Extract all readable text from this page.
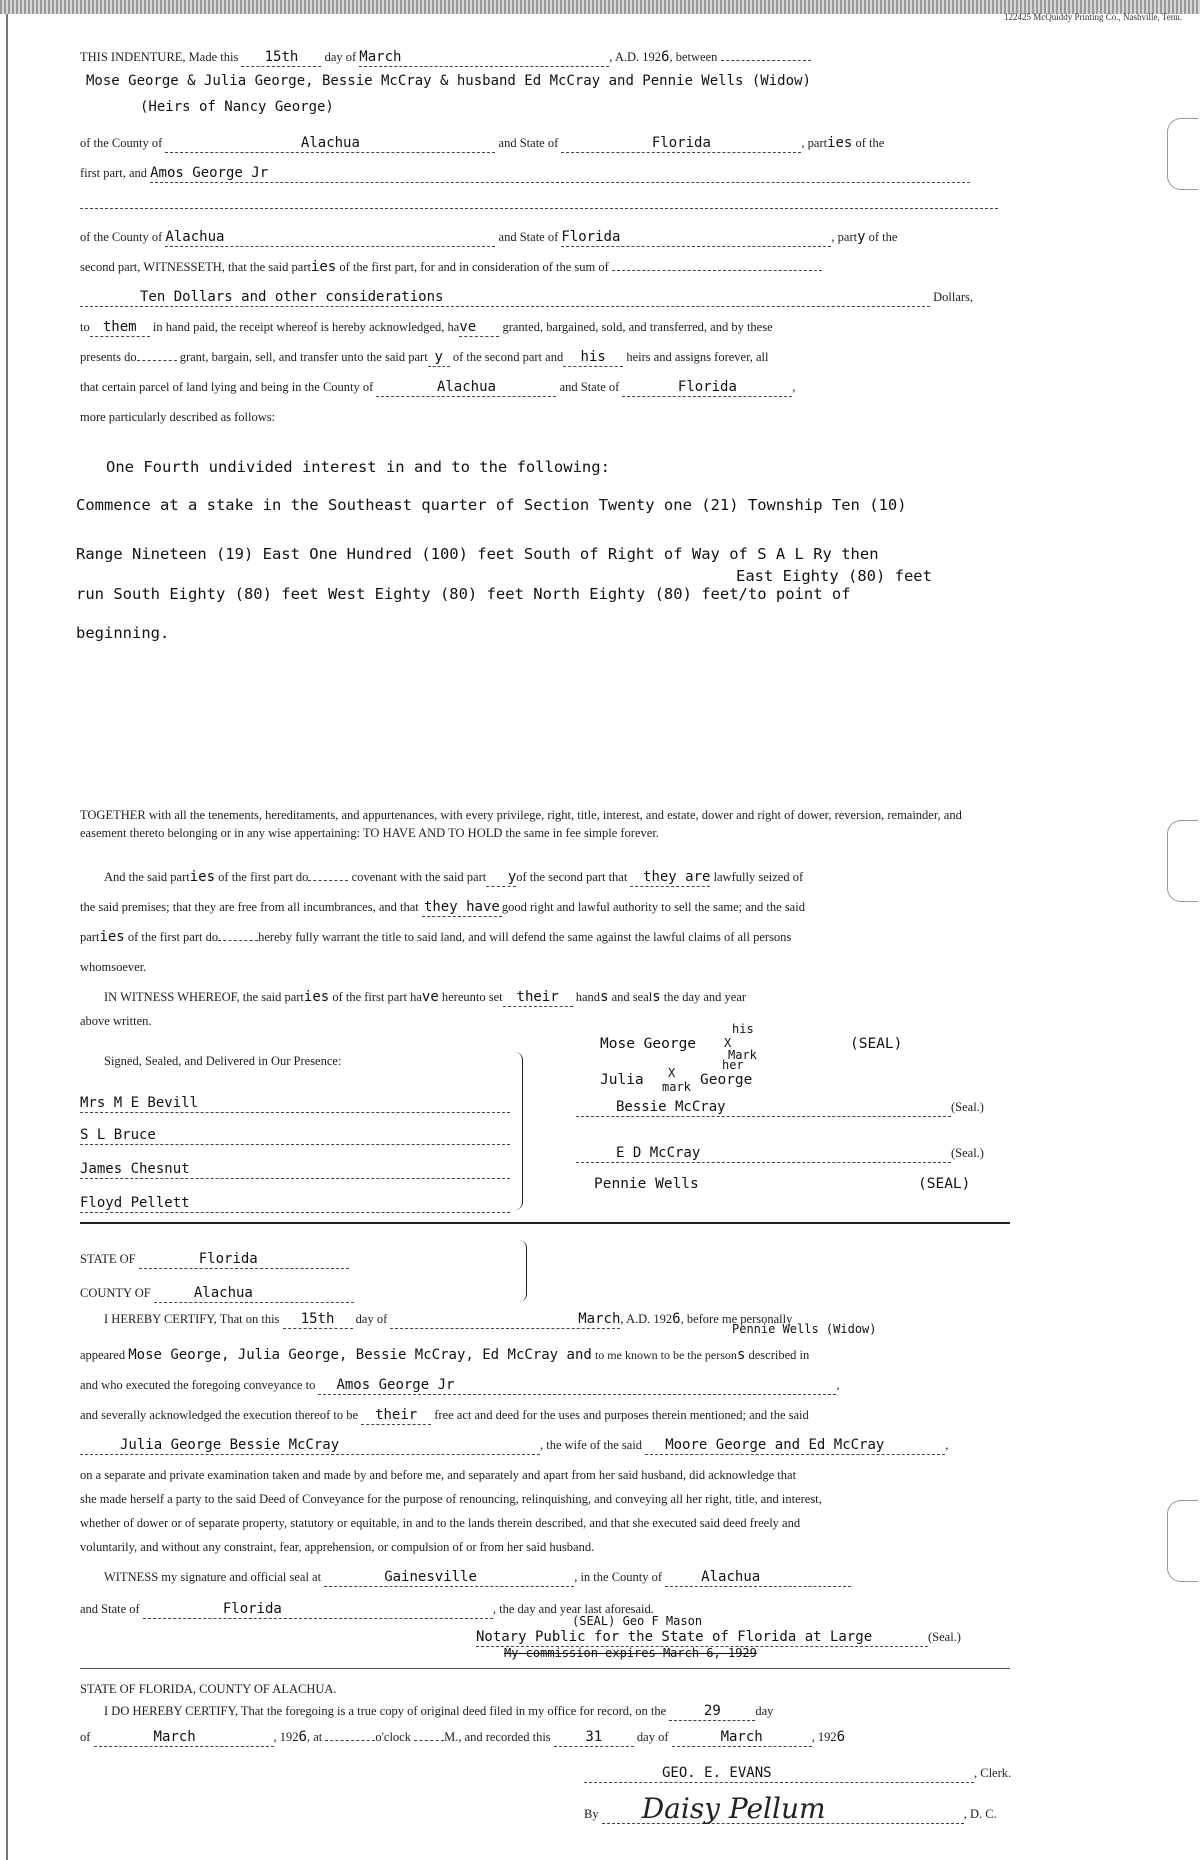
122425 McQuiddy Printing Co., Nashville, Tenn.
THIS INDENTURE, Made this 15th day of March	, A.D. 1926, between
Mose George & Julia George, Bessie McCray & husband Ed McCray and Pennie Wells (Widow)
(Heirs of Nancy George)
of the County of	Alachua	and State of	Florida	, parties of the
first part, and Amos George Jr
of the County of Alachua	and State of Florida	, party of the
second part, WITNESSETH, that the said parties of the first part, for and in consideration of the sum of
Ten Dollars and other considerations	Dollars,
to them in hand paid, the receipt whereof is hereby acknowledged, have granted, bargained, sold, and transferred, and by these
presents do	grant, bargain, sell, and transfer unto the said part y of the second part and his heirs and assigns forever, all
that certain parcel of land lying and being in the County of	Alachua	and State of	Florida	,
more particularly described as follows:
One Fourth undivided interest in and to the following:
Commence at a stake in the Southeast quarter of Section Twenty one (21) Township Ten (10)
Range Nineteen (19) East One Hundred (100) feet South of Right of Way of S A L Ry then
East Eighty (80) feet
run South Eighty (80) feet West Eighty (80) feet North Eighty (80) feet/to point of
beginning.
TOGETHER with all the tenements, hereditaments, and appurtenances, with every privilege, right, title, interest, and estate, dower and right of dower, reversion, remainder, and easement thereto belonging or in any wise appertaining: TO HAVE AND TO HOLD the same in fee simple forever.
And the said parties of the first part do	covenant with the said part yof the second part that they are lawfully seized of
the said premises; that they are free from all incumbrances, and that they have good right and lawful authority to sell the same; and the said
parties of the first part do	hereby fully warrant the title to said land, and will defend the same against the lawful claims of all persons
whomsoever.
IN WITNESS WHEREOF, the said parties of the first part have hereunto set their hands and seals the day and year
above written.
Signed, Sealed, and Delivered in Our Presence:
Mrs M E Bevill
S L Bruce
James Chesnut
Floyd Pellett
his
Mose George X
Mark
(SEAL)
her
Julia X
mark George
Bessie McCray	(Seal.)
E D McCray	(Seal.)
Pennie Wells	(SEAL)
STATE OF	Florida
COUNTY OF	Alachua
I HEREBY CERTIFY, That on this 15th day of	March, A.D. 1926, before me personally
Pennie Wells (Widow)
appeared Mose George, Julia George, Bessie McCray, Ed McCray and to me known to be the persons described in
and who executed the foregoing conveyance to Amos George Jr	,
and severally acknowledged the execution thereof to be their free act and deed for the uses and purposes therein mentioned; and the said
Julia George Bessie McCray	, the wife of the said Moore George and Ed McCray	,
on a separate and private examination taken and made by and before me, and separately and apart from her said husband, did acknowledge that
she made herself a party to the said Deed of Conveyance for the purpose of renouncing, relinquishing, and conveying all her right, title, and interest,
whether of dower or of separate property, statutory or equitable, in and to the lands therein described, and that she executed said deed freely and
voluntarily, and without any constraint, fear, apprehension, or compulsion of or from her said husband.
WITNESS my signature and official seal at	Gainesville	, in the County of	Alachua
and State of	Florida	, the day and year last aforesaid.
(SEAL) Geo F Mason
Notary Public for the State of Florida at Large	(Seal.)
My commission expires March 6, 1929
STATE OF FLORIDA, COUNTY OF ALACHUA.
I DO HEREBY CERTIFY, That the foregoing is a true copy of original deed filed in my office for record, on the	29	day
of	March	, 1926, at	o'clock	M., and recorded this 31	day of	March	, 1926
GEO. E. EVANS	, Clerk.
By Daisy Pellum	, D. C.
